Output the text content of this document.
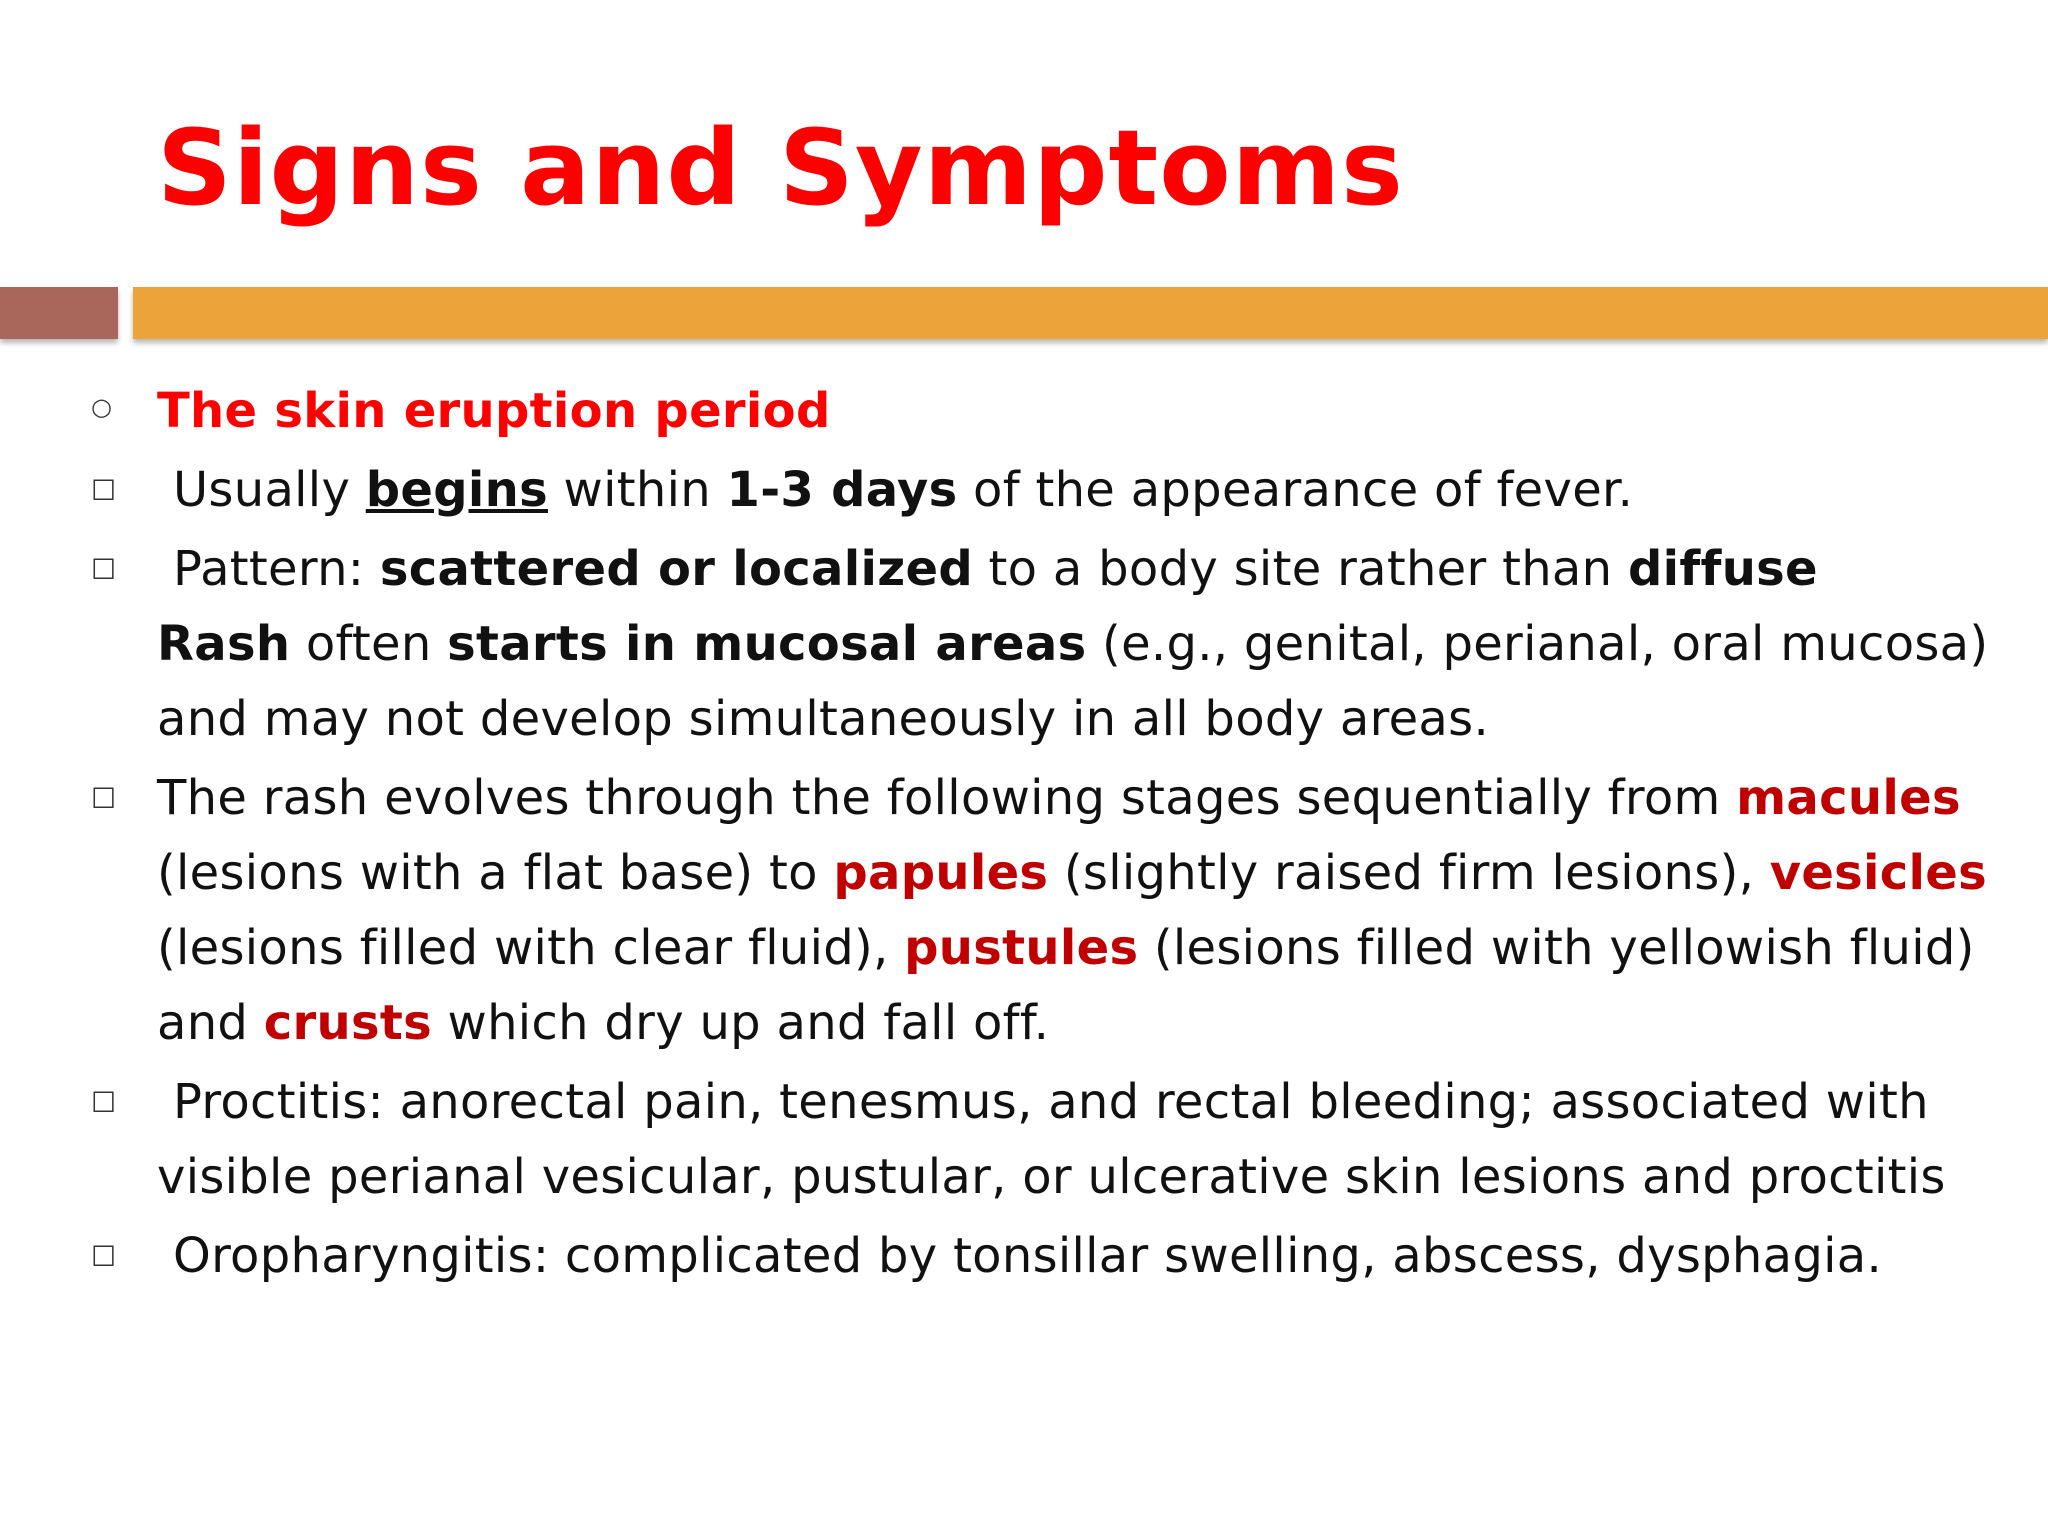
Signs and Symptoms

○ The skin eruption period

☐ Usually begins within 1-3 days of the appearance of fever.

☐ Pattern: scattered or localized to a body site rather than diffuse
Rash often starts in mucosal areas (e.g., genital, perianal, oral mucosa) and may not develop simultaneously in all body areas.

☐ The rash evolves through the following stages sequentially from macules (lesions with a flat base) to papules (slightly raised firm lesions), vesicles (lesions filled with clear fluid), pustules (lesions filled with yellowish fluid) and crusts which dry up and fall off.

☐ Proctitis: anorectal pain, tenesmus, and rectal bleeding; associated with visible perianal vesicular, pustular, or ulcerative skin lesions and proctitis

☐ Oropharyngitis: complicated by tonsillar swelling, abscess, dysphagia.
